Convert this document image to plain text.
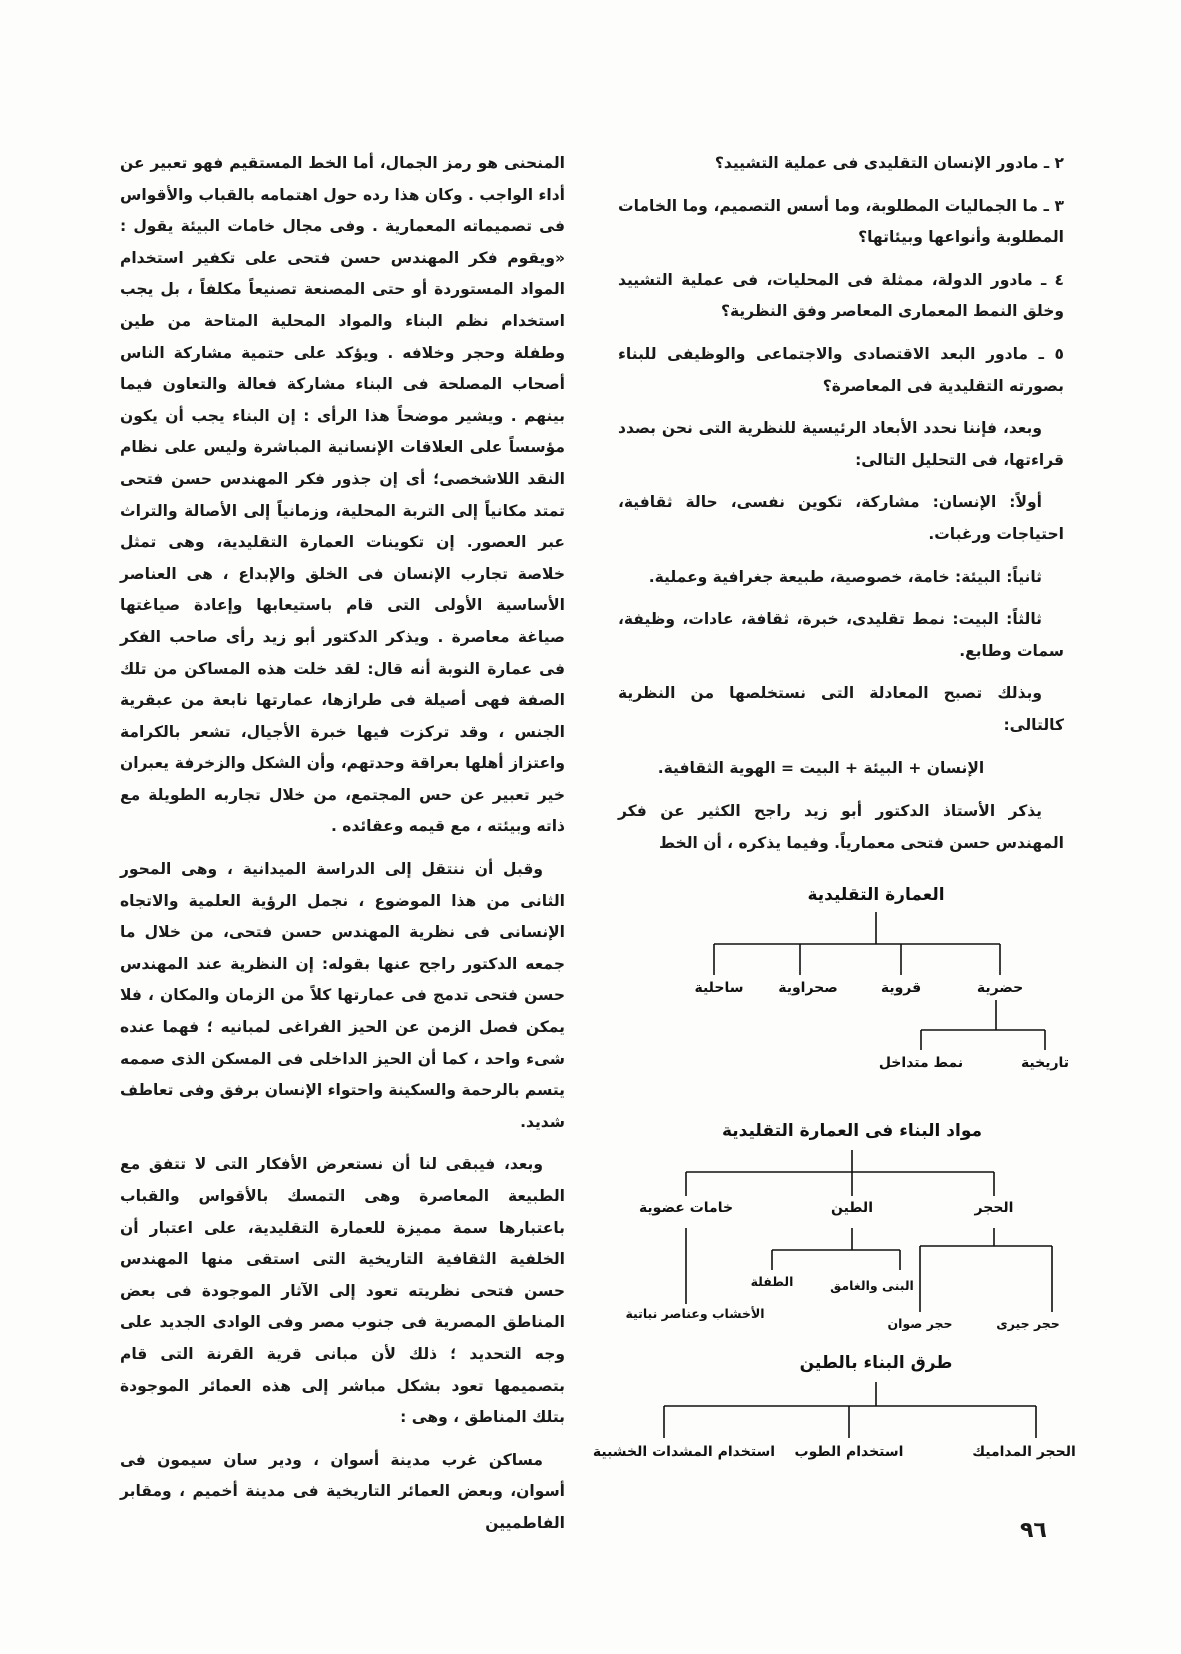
٢ ـ مادور الإنسان التقليدى فى عملية التشييد؟

٣ ـ ما الجماليات المطلوبة، وما أسس التصميم، وما الخامات المطلوبة وأنواعها وبيئاتها؟

٤ ـ مادور الدولة، ممثلة فى المحليات، فى عملية التشييد وخلق النمط المعمارى المعاصر وفق النظرية؟

٥ ـ مادور البعد الاقتصادى والاجتماعى والوظيفى للبناء بصورته التقليدية فى المعاصرة؟

وبعد، فإننا نحدد الأبعاد الرئيسية للنظرية التى نحن بصدد قراءتها، فى التحليل التالى:

أولاً: الإنسان: مشاركة، تكوين نفسى، حالة ثقافية، احتياجات ورغبات.

ثانياً: البيئة: خامة، خصوصية، طبيعة جغرافية وعملية.

ثالثاً: البيت: نمط تقليدى، خبرة، ثقافة، عادات، وظيفة، سمات وطابع.

وبذلك تصبح المعادلة التى نستخلصها من النظرية كالتالى:

الإنسان + البيئة + البيت = الهوية الثقافية.

يذكر الأستاذ الدكتور أبو زيد راجح الكثير عن فكر المهندس حسن فتحى معمارياً. وفيما يذكره ، أن الخط

المنحنى هو رمز الجمال، أما الخط المستقيم فهو تعبير عن أداء الواجب . وكان هذا رده حول اهتمامه بالقباب والأقواس فى تصميماته المعمارية . وفى مجال خامات البيئة يقول : «ويقوم فكر المهندس حسن فتحى على تكفير استخدام المواد المستوردة أو حتى المصنعة تصنيعاً مكلفاً ، بل يجب استخدام نظم البناء والمواد المحلية المتاحة من طين وطفلة وحجر وخلافه . ويؤكد على حتمية مشاركة الناس أصحاب المصلحة فى البناء مشاركة فعالة والتعاون فيما بينهم . ويشير موضحاً هذا الرأى : إن البناء يجب أن يكون مؤسساً على العلاقات الإنسانية المباشرة وليس على نظام النقد اللاشخصى؛ أى إن جذور فكر المهندس حسن فتحى تمتد مكانياً إلى التربة المحلية، وزمانياً إلى الأصالة والتراث عبر العصور. إن تكوينات العمارة التقليدية، وهى تمثل خلاصة تجارب الإنسان فى الخلق والإبداع ، هى العناصر الأساسية الأولى التى قام باستيعابها وإعادة صياغتها صياغة معاصرة . ويذكر الدكتور أبو زيد رأى صاحب الفكر فى عمارة النوبة أنه قال: لقد خلت هذه المساكن من تلك الصفة فهى أصيلة فى طرازها، عمارتها نابعة من عبقرية الجنس ، وقد تركزت فيها خبرة الأجيال، تشعر بالكرامة واعتزاز أهلها بعراقة وحدتهم، وأن الشكل والزخرفة يعبران خير تعبير عن حس المجتمع، من خلال تجاربه الطويلة مع ذاته وبيئته ، مع قيمه وعقائده .

وقبل أن ننتقل إلى الدراسة الميدانية ، وهى المحور الثانى من هذا الموضوع ، نجمل الرؤية العلمية والاتجاه الإنسانى فى نظرية المهندس حسن فتحى، من خلال ما جمعه الدكتور راجح عنها بقوله: إن النظرية عند المهندس حسن فتحى تدمج فى عمارتها كلاً من الزمان والمكان ، فلا يمكن فصل الزمن عن الحيز الفراغى لمبانيه ؛ فهما عنده شىء واحد ، كما أن الحيز الداخلى فى المسكن الذى صممه يتسم بالرحمة والسكينة واحتواء الإنسان برفق وفى تعاطف شديد.

وبعد، فيبقى لنا أن نستعرض الأفكار التى لا تتفق مع الطبيعة المعاصرة وهى التمسك بالأقواس والقباب باعتبارها سمة مميزة للعمارة التقليدية، على اعتبار أن الخلفية الثقافية التاريخية التى استقى منها المهندس حسن فتحى نظريته تعود إلى الآثار الموجودة فى بعض المناطق المصرية فى جنوب مصر وفى الوادى الجديد على وجه التحديد ؛ ذلك لأن مبانى قرية القرنة التى قام بتصميمها تعود بشكل مباشر إلى هذه العمائر الموجودة بتلك المناطق ، وهى :

مساكن غرب مدينة أسوان ، ودير سان سيمون فى أسوان، وبعض العمائر التاريخية فى مدينة أخميم ، ومقابر الفاطميين

العمارة التقليدية
حضرية
قروية
صحراوية
ساحلية
تاريخية
نمط متداخل
مواد البناء فى العمارة التقليدية
الحجر
الطين
خامات عضوية
البنى والغامق
الطفلة
حجر جيرى
حجر صوان
الأخشاب وعناصر نباتية
طرق البناء بالطين
الحجر المداميك
استخدام الطوب
استخدام المشدات الخشبية
٩٦
